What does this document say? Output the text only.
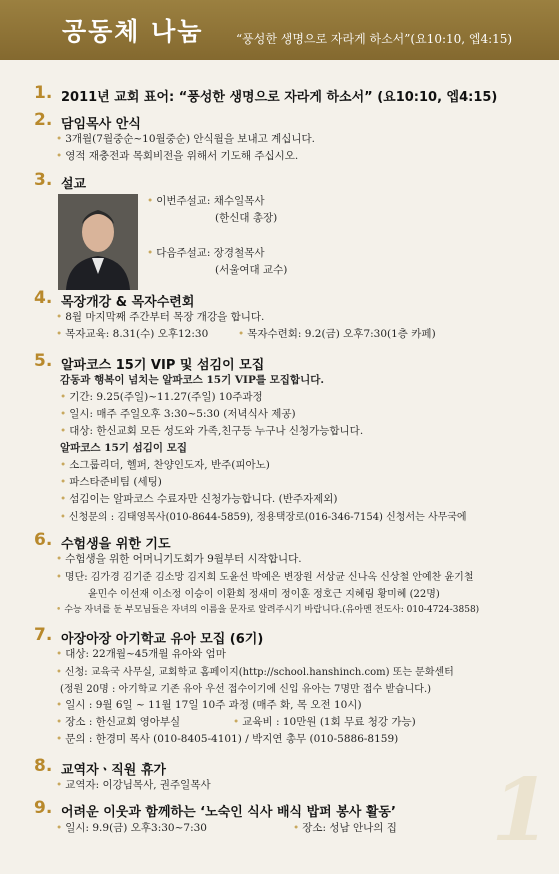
공동체 나눔	“풍성한 생명으로 자라게 하소서”(요10:10, 엡4:15)
1. 2011년 교회 표어: “풍성한 생명으로 자라게 하소서” (요10:10, 엡4:15)
2. 담임목사 안식
• 3개월(7월중순~10월중순) 안식월을 보내고 계십니다.
• 영적 재충전과 목회비전을 위해서 기도해 주십시오.
3. 설교
• 이번주설교: 채수일목사
(한신대 총장)
• 다음주설교: 장경철목사
(서울여대 교수)
4. 목장개강 & 목자수련회
• 8월 마지막째 주간부터 목장 개강을 합니다.
• 목자교육: 8.31(수) 오후12:30	• 목자수련회: 9.2(금) 오후7:30(1층 카페)
5. 알파코스 15기 VIP 및 섬김이 모집
감동과 행복이 넘치는 알파코스 15기 VIP를 모집합니다.
• 기간: 9.25(주일)~11.27(주일) 10주과정
• 일시: 매주 주일오후 3:30~5:30 (저녁식사 제공)
• 대상: 한신교회 모든 성도와 가족,친구등 누구나 신청가능합니다.
알파코스 15기 섬김이 모집
• 소그룹리더, 헬퍼, 찬양인도자, 반주(피아노)
• 파스타준비팀 (세팅)
• 섬김이는 알파코스 수료자만 신청가능합니다. (반주자제외)
• 신청문의 : 김태영목사(010-8644-5859), 정용택장로(016-346-7154) 신청서는 사무국에
6. 수험생을 위한 기도
• 수험생을 위한 어머니기도회가 9월부터 시작합니다.
• 명단: 김가경 김기준 김소망 김지희 도윤선 박예은 변장원 서상균 신나옥 신상철 안예찬 윤기철
윤민수 이선재 이소정 이승이 이환희 정새미 정이훈 정호근 지혜림 황미혜 (22명)
• 수능 자녀를 둔 부모님들은 자녀의 이름을 문자로 알려주시기 바랍니다.(유아멘 전도사: 010-4724-3858)
7. 아장아장 아기학교 유아 모집 (6기)
• 대상: 22개월~45개월 유아와 엄마
• 신청: 교육국 사무실, 교회학교 홈페이지(http://school.hanshinch.com) 또는 문화센터
(정원 20명 : 아기학교 기존 유아 우선 접수이기에 신입 유아는 7명만 접수 받습니다.)
• 일시 : 9월 6일 ~ 11월 17일 10주 과정 (매주 화, 목 오전 10시)
• 장소 : 한신교회 영아부실	• 교육비 : 10만원 (1회 무료 청강 가능)
• 문의 : 한경미 목사 (010-8405-4101) / 박지연 총무 (010-5886-8159)
8. 교역자ㆍ직원 휴가
• 교역자: 이강님목사, 권주일목사
9. 어려운 이웃과 함께하는 ‘노숙인 식사 배식 밥퍼 봉사 활동’
• 일시: 9.9(금) 오후3:30~7:30	• 장소: 성남 안나의 집 1
